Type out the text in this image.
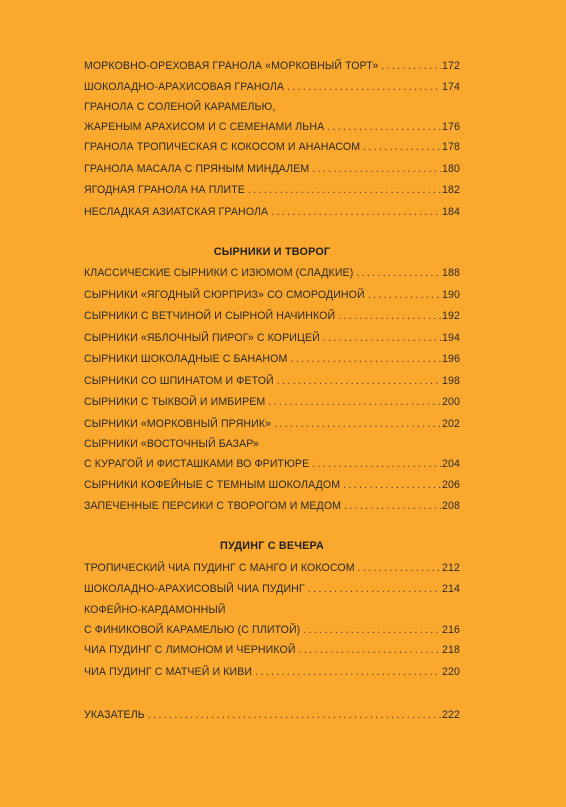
МОРКОВНО-ОРЕХОВАЯ ГРАНОЛА «МОРКОВНЫЙ ТОРТ» . . .	172
ШОКОЛАДНО-АРАХИСОВАЯ ГРАНОЛА . . .	174
ГРАНОЛА С СОЛЕНОЙ КАРАМЕЛЬЮ,
ЖАРЕНЫМ АРАХИСОМ И С СЕМЕНАМИ ЛЬНА . . .	176
ГРАНОЛА ТРОПИЧЕСКАЯ С КОКОСОМ И АНАНАСОМ . . .	178
ГРАНОЛА МАСАЛА С ПРЯНЫМ МИНДАЛЕМ . . .	180
ЯГОДНАЯ ГРАНОЛА НА ПЛИТЕ . . .	182
НЕСЛАДКАЯ АЗИАТСКАЯ ГРАНОЛА . . .	184
СЫРНИКИ И ТВОРОГ
КЛАССИЧЕСКИЕ СЫРНИКИ С ИЗЮМОМ (СЛАДКИЕ) . . .	188
СЫРНИКИ «ЯГОДНЫЙ СЮРПРИЗ» СО СМОРОДИНОЙ . . .	190
СЫРНИКИ С ВЕТЧИНОЙ И СЫРНОЙ НАЧИНКОЙ . . .	192
СЫРНИКИ «ЯБЛОЧНЫЙ ПИРОГ» С КОРИЦЕЙ . . .	194
СЫРНИКИ ШОКОЛАДНЫЕ С БАНАНОМ . . .	196
СЫРНИКИ СО ШПИНАТОМ И ФЕТОЙ . . .	198
СЫРНИКИ С ТЫКВОЙ И ИМБИРЕМ . . .	200
СЫРНИКИ «МОРКОВНЫЙ ПРЯНИК» . . .	202
СЫРНИКИ «ВОСТОЧНЫЙ БАЗАР»
С КУРАГОЙ И ФИСТАШКАМИ ВО ФРИТЮРЕ . . .	204
СЫРНИКИ КОФЕЙНЫЕ С ТЕМНЫМ ШОКОЛАДОМ . . .	206
ЗАПЕЧЕННЫЕ ПЕРСИКИ С ТВОРОГОМ И МЕДОМ . . .	208
ПУДИНГ С ВЕЧЕРА
ТРОПИЧЕСКИЙ ЧИА ПУДИНГ С МАНГО И КОКОСОМ . . .	212
ШОКОЛАДНО-АРАХИСОВЫЙ ЧИА ПУДИНГ . . .	214
КОФЕЙНО-КАРДАМОННЫЙ
С ФИНИКОВОЙ КАРАМЕЛЬЮ (С ПЛИТОЙ) . . .	216
ЧИА ПУДИНГ С ЛИМОНОМ И ЧЕРНИКОЙ . . .	218
ЧИА ПУДИНГ С МАТЧЕЙ И КИВИ . . .	220
УКАЗАТЕЛЬ . . .	222
